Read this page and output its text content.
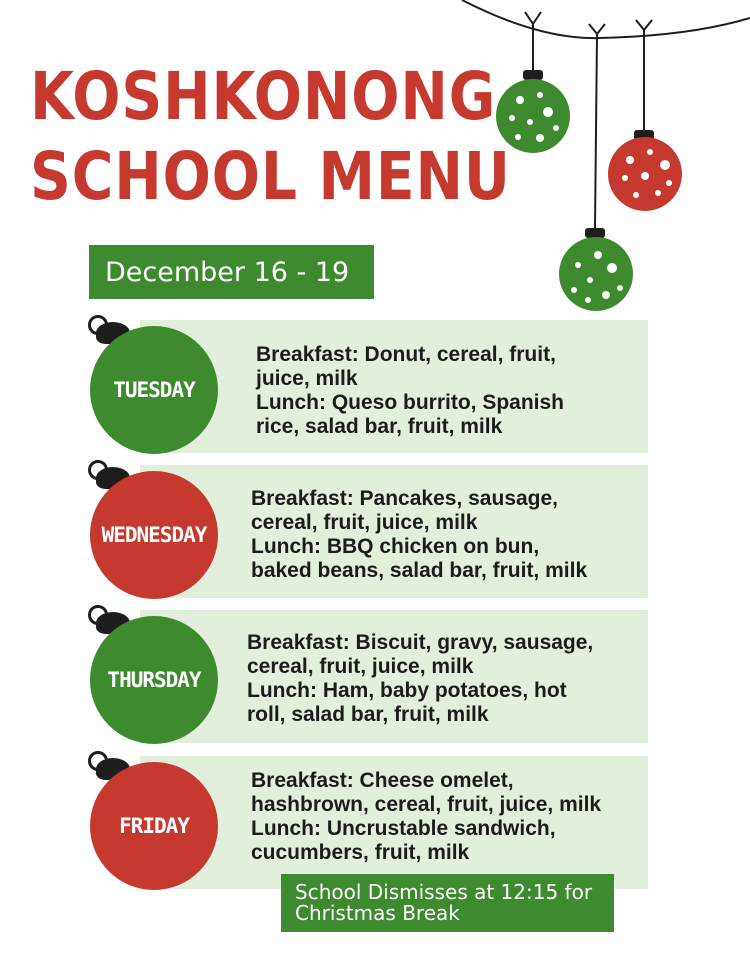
KOSHKONONG
SCHOOL MENU
December 16 - 19
TUESDAY
Breakfast: Donut, cereal, fruit,
juice, milk
Lunch: Queso burrito, Spanish
rice, salad bar, fruit, milk
WEDNESDAY
Breakfast: Pancakes, sausage,
cereal, fruit, juice, milk
Lunch: BBQ chicken on bun,
baked beans, salad bar, fruit, milk
THURSDAY
Breakfast: Biscuit, gravy, sausage,
cereal, fruit, juice, milk
Lunch: Ham, baby potatoes, hot
roll, salad bar, fruit, milk
FRIDAY
Breakfast: Cheese omelet,
hashbrown, cereal, fruit, juice, milk
Lunch: Uncrustable sandwich,
cucumbers, fruit, milk
School Dismisses at 12:15 for
Christmas Break
